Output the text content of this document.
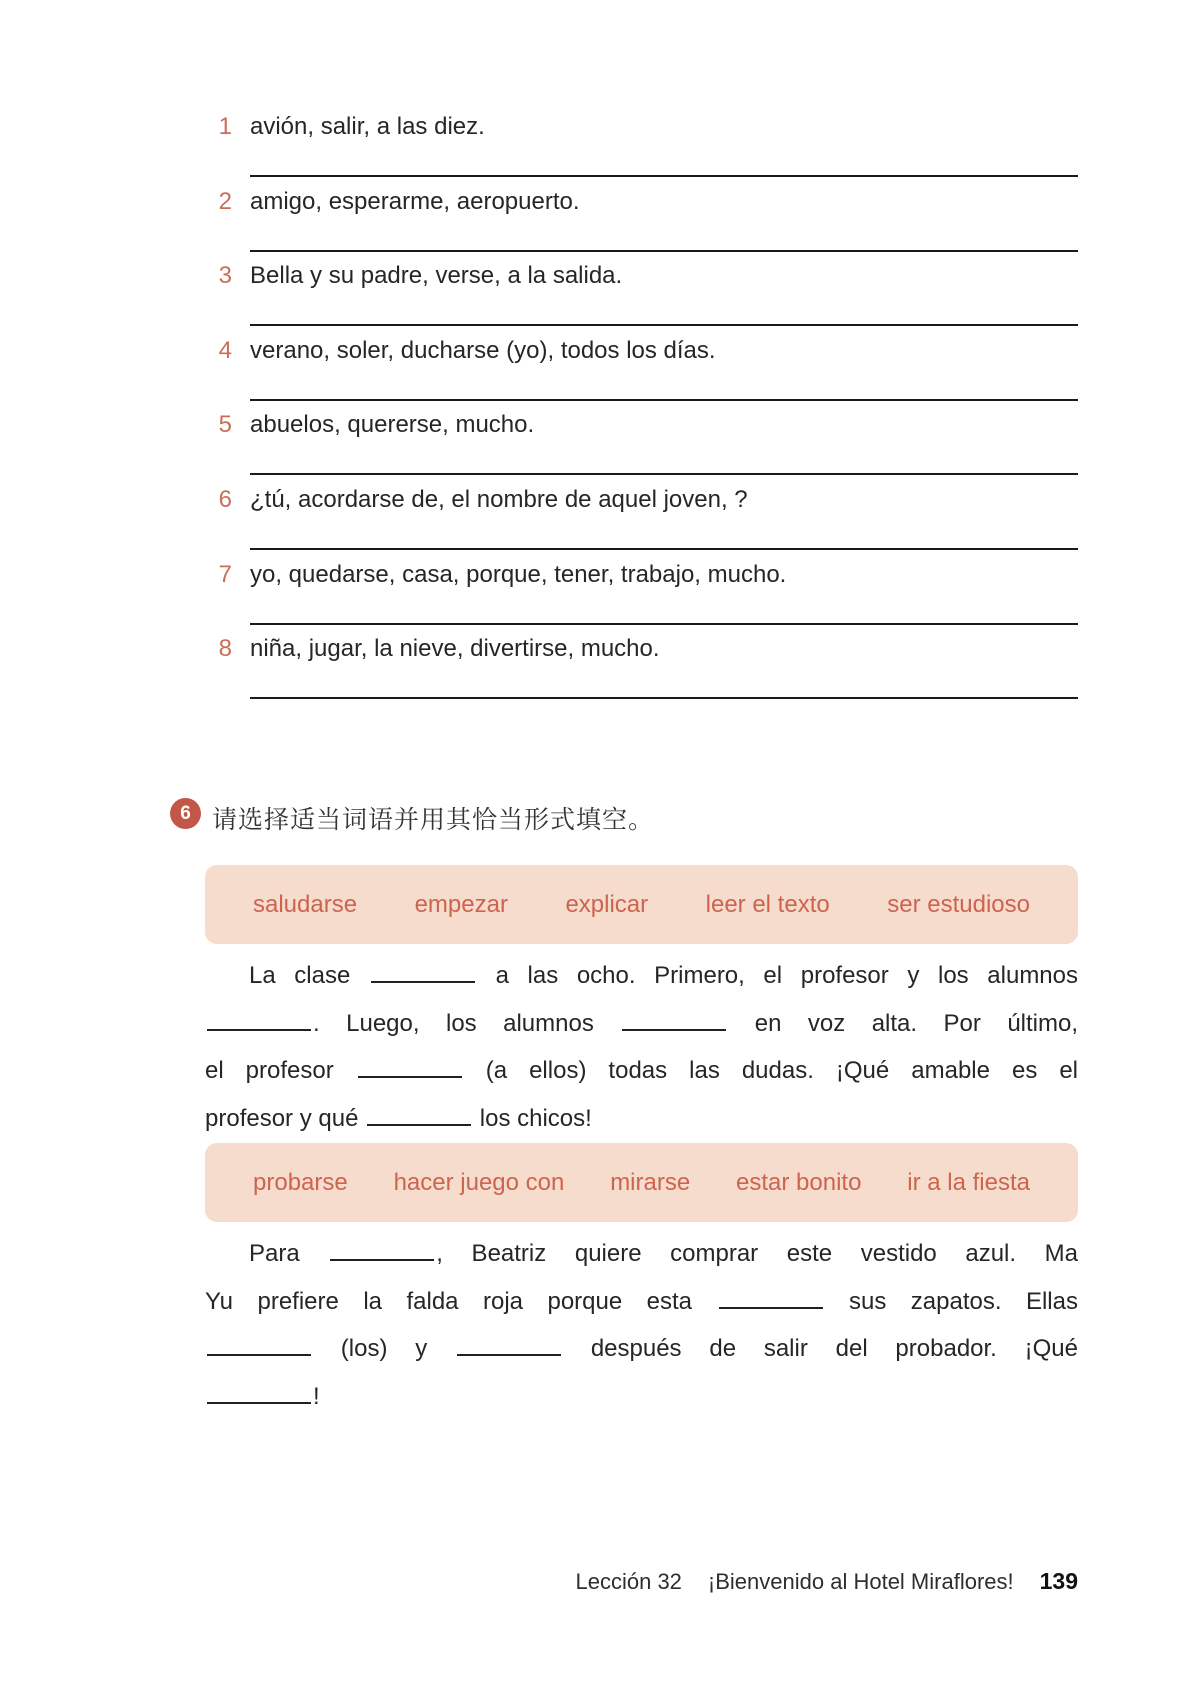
1 avión, salir, a las diez.
2 amigo, esperarme, aeropuerto.
3 Bella y su padre, verse, a la salida.
4 verano, soler, ducharse (yo), todos los días.
5 abuelos, quererse, mucho.
6 ¿tú, acordarse de, el nombre de aquel joven, ?
7 yo, quedarse, casa, porque, tener, trabajo, mucho.
8 niña, jugar, la nieve, divertirse, mucho.
6 请选择适当词语并用其恰当形式填空。
saludarse empezar explicar leer el texto ser estudioso
La clase	a las ocho. Primero, el profesor y los alumnos
. Luego, los alumnos	en voz alta. Por último,
el profesor	(a ellos) todas las dudas. ¡Qué amable es el
profesor y qué	los chicos!
probarse hacer juego con mirarse estar bonito ir a la fiesta
Para	, Beatriz quiere comprar este vestido azul. Ma
Yu prefiere la falda roja porque esta	sus zapatos. Ellas
(los) y	después de salir del probador. ¡Qué
!
Lección 32 ¡Bienvenido al Hotel Miraflores! 139
